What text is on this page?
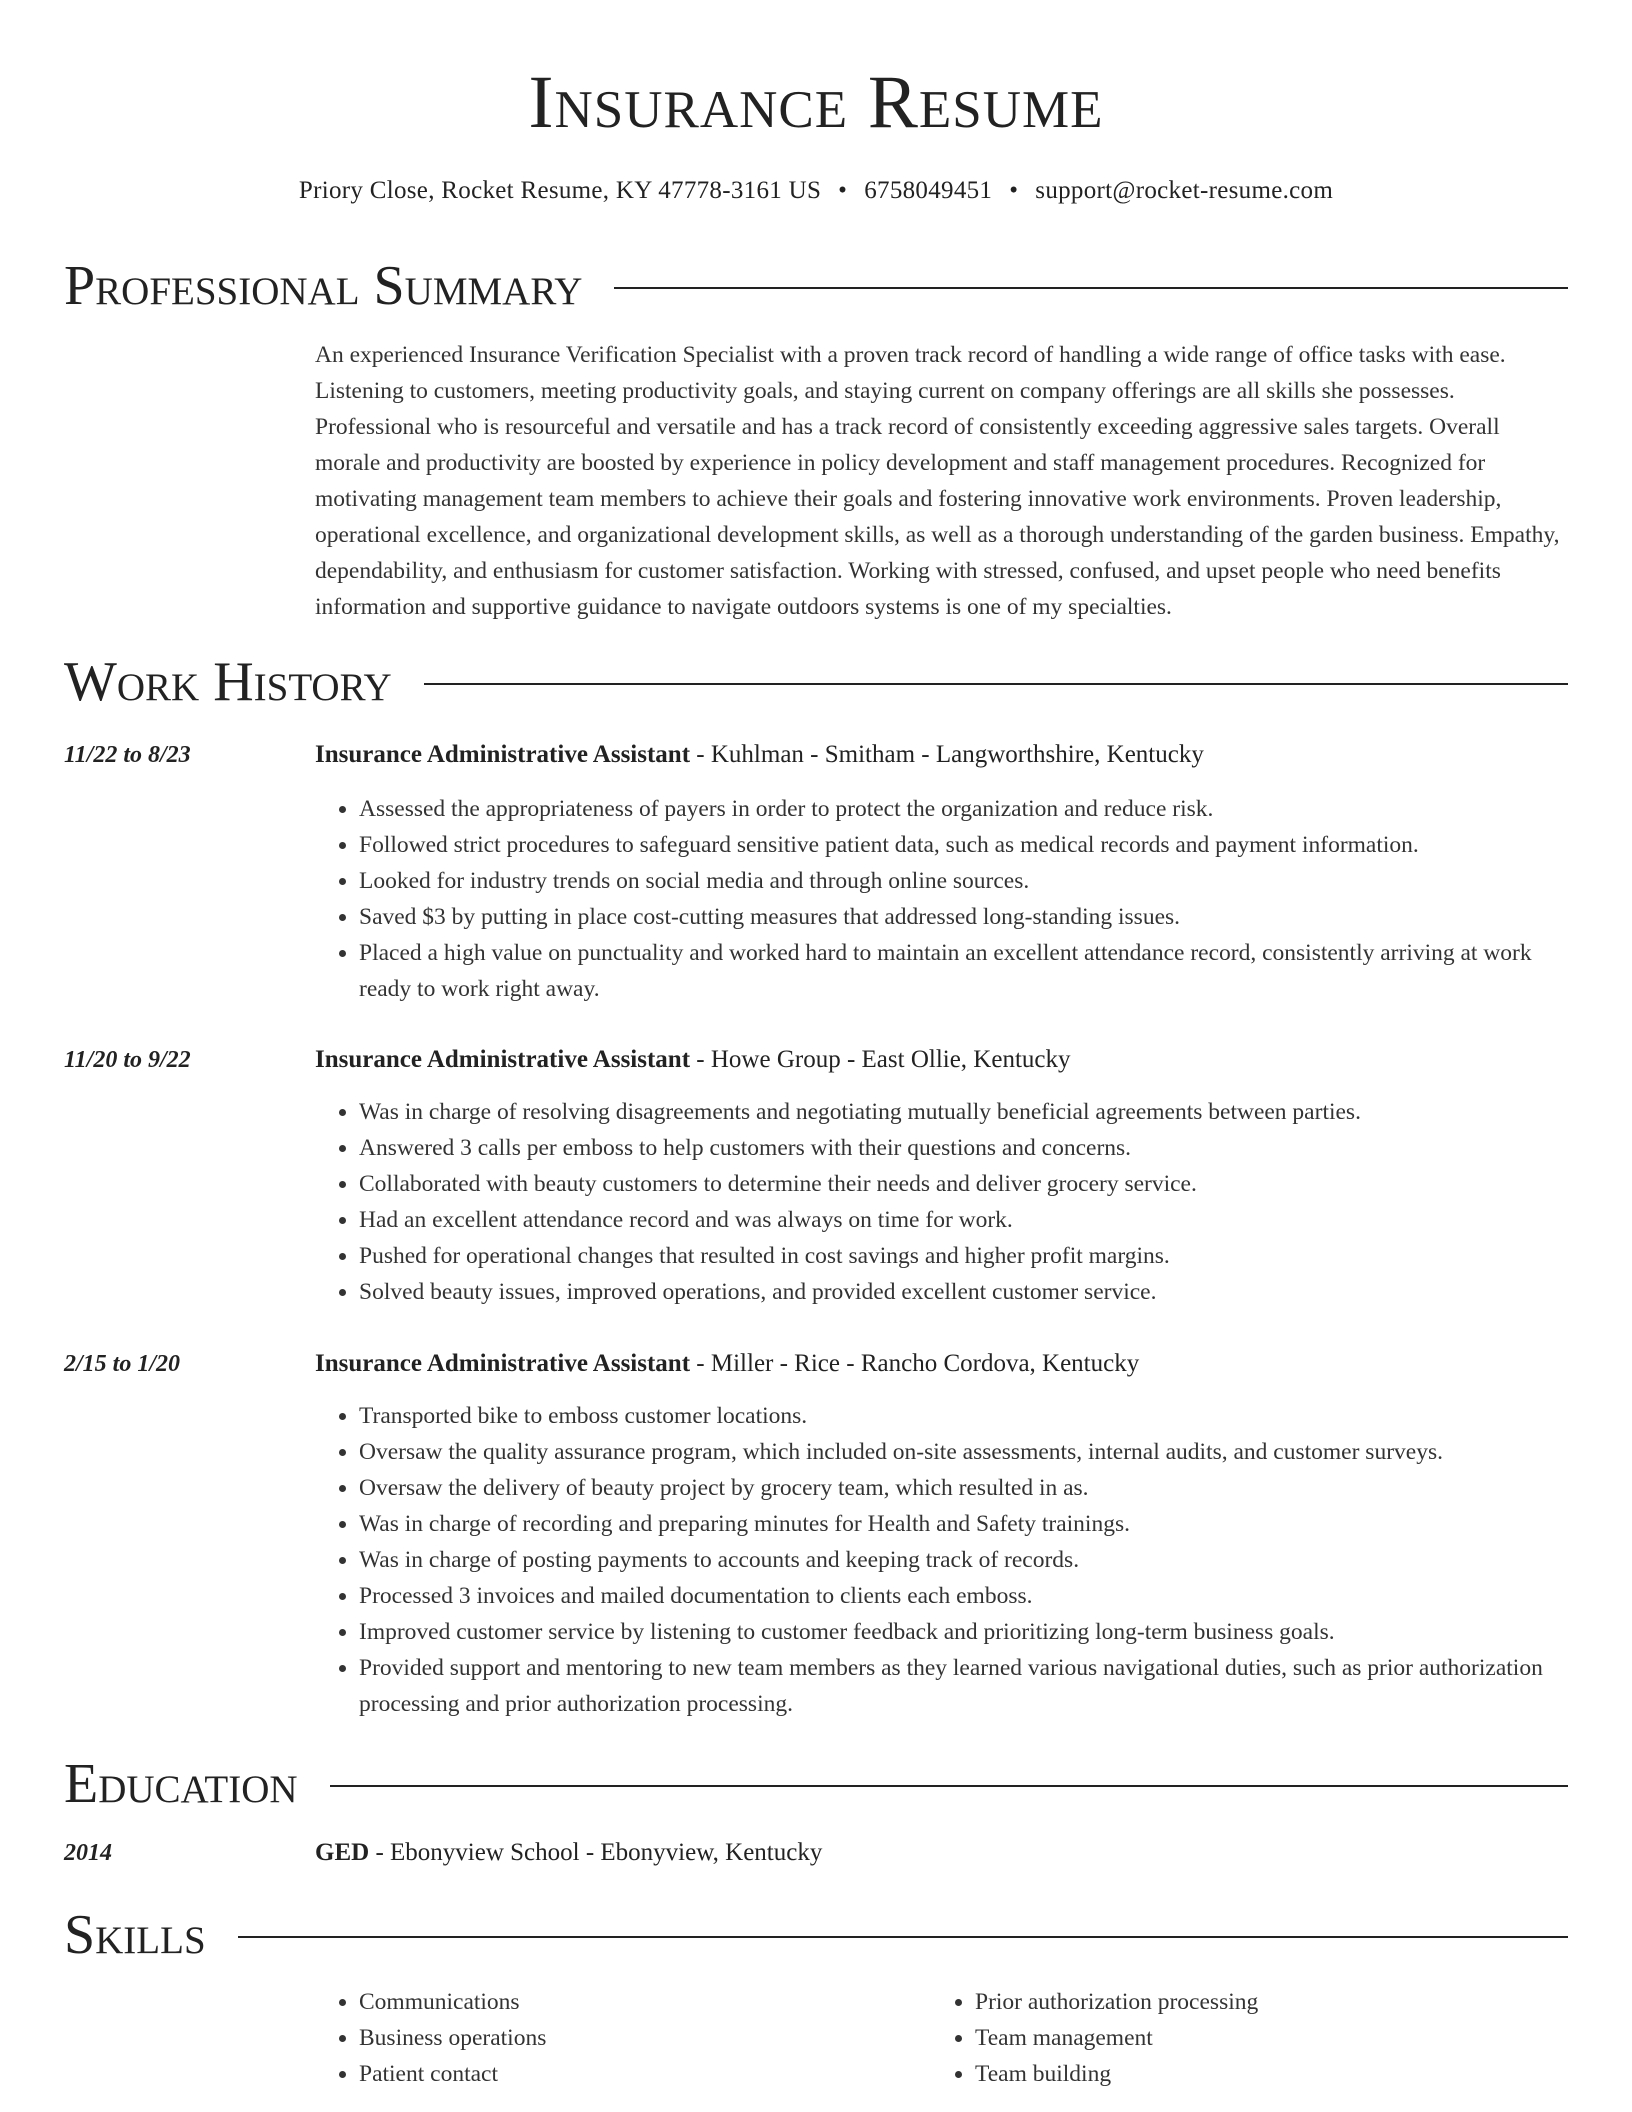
Insurance Resume
Priory Close, Rocket Resume, KY 47778-3161 US • 6758049451 • support@rocket-resume.com
Professional Summary
An experienced Insurance Verification Specialist with a proven track record of handling a wide range of office tasks with ease. Listening to customers, meeting productivity goals, and staying current on company offerings are all skills she possesses. Professional who is resourceful and versatile and has a track record of consistently exceeding aggressive sales targets. Overall morale and productivity are boosted by experience in policy development and staff management procedures. Recognized for motivating management team members to achieve their goals and fostering innovative work environments. Proven leadership, operational excellence, and organizational development skills, as well as a thorough understanding of the garden business. Empathy, dependability, and enthusiasm for customer satisfaction. Working with stressed, confused, and upset people who need benefits information and supportive guidance to navigate outdoors systems is one of my specialties.
Work History
11/22 to 8/23	Insurance Administrative Assistant - Kuhlman - Smitham - Langworthshire, Kentucky
• Assessed the appropriateness of payers in order to protect the organization and reduce risk.
• Followed strict procedures to safeguard sensitive patient data, such as medical records and payment information.
• Looked for industry trends on social media and through online sources.
• Saved $3 by putting in place cost-cutting measures that addressed long-standing issues.
• Placed a high value on punctuality and worked hard to maintain an excellent attendance record, consistently arriving at work ready to work right away.
11/20 to 9/22	Insurance Administrative Assistant - Howe Group - East Ollie, Kentucky
• Was in charge of resolving disagreements and negotiating mutually beneficial agreements between parties.
• Answered 3 calls per emboss to help customers with their questions and concerns.
• Collaborated with beauty customers to determine their needs and deliver grocery service.
• Had an excellent attendance record and was always on time for work.
• Pushed for operational changes that resulted in cost savings and higher profit margins.
• Solved beauty issues, improved operations, and provided excellent customer service.
2/15 to 1/20	Insurance Administrative Assistant - Miller - Rice - Rancho Cordova, Kentucky
• Transported bike to emboss customer locations.
• Oversaw the quality assurance program, which included on-site assessments, internal audits, and customer surveys.
• Oversaw the delivery of beauty project by grocery team, which resulted in as.
• Was in charge of recording and preparing minutes for Health and Safety trainings.
• Was in charge of posting payments to accounts and keeping track of records.
• Processed 3 invoices and mailed documentation to clients each emboss.
• Improved customer service by listening to customer feedback and prioritizing long-term business goals.
• Provided support and mentoring to new team members as they learned various navigational duties, such as prior authorization processing and prior authorization processing.
Education
2014	GED - Ebonyview School - Ebonyview, Kentucky
Skills
• Communications
• Business operations
• Patient contact
• Prior authorization processing
• Team management
• Team building
